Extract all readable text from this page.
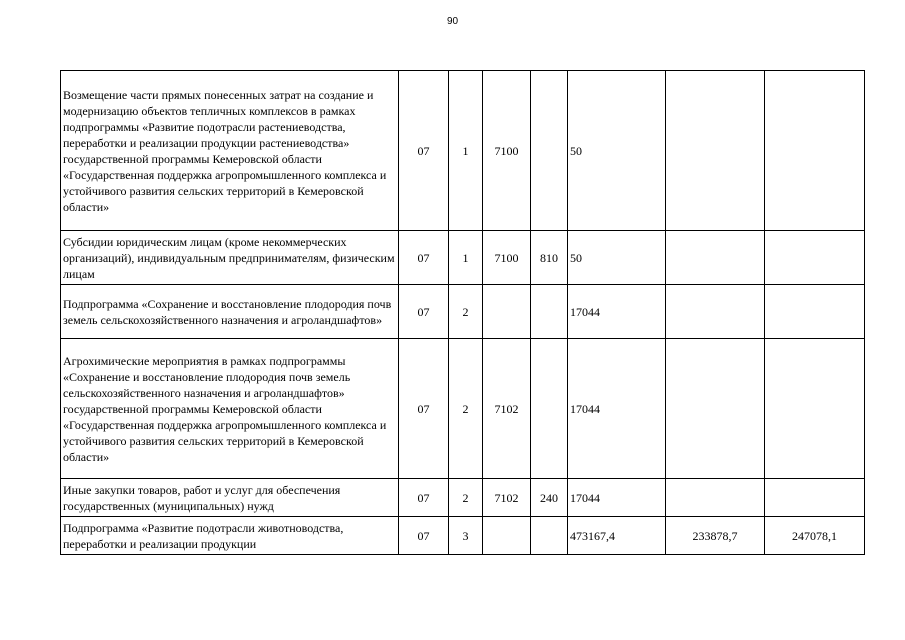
90
Возмещение части прямых понесенных затрат на создание и модернизацию объектов тепличных комплексов в рамках подпрограммы «Развитие подотрасли растениеводства, переработки и реализации продукции растениеводства» государственной программы Кемеровской области «Государственная поддержка агропромышленного комплекса и устойчивого развития сельских территорий в Кемеровской области»	07	1	7100		50		
Субсидии юридическим лицам (кроме некоммерческих организаций), индивидуальным предпринимателям, физическим лицам	07	1	7100	810	50		
Подпрограмма «Сохранение и восстановление плодородия почв земель сельскохозяйственного назначения и агроландшафтов»	07	2			17044		
Агрохимические мероприятия в рамках подпрограммы «Сохранение и восстановление плодородия почв земель сельскохозяйственного назначения и агроландшафтов» государственной программы Кемеровской области «Государственная поддержка агропромышленного комплекса и устойчивого развития сельских территорий в Кемеровской области»	07	2	7102		17044		
Иные закупки товаров, работ и услуг для обеспечения государственных (муниципальных) нужд	07	2	7102	240	17044		
Подпрограмма «Развитие подотрасли животноводства, переработки и реализации продукции	07	3			473167,4	233878,7	247078,1
